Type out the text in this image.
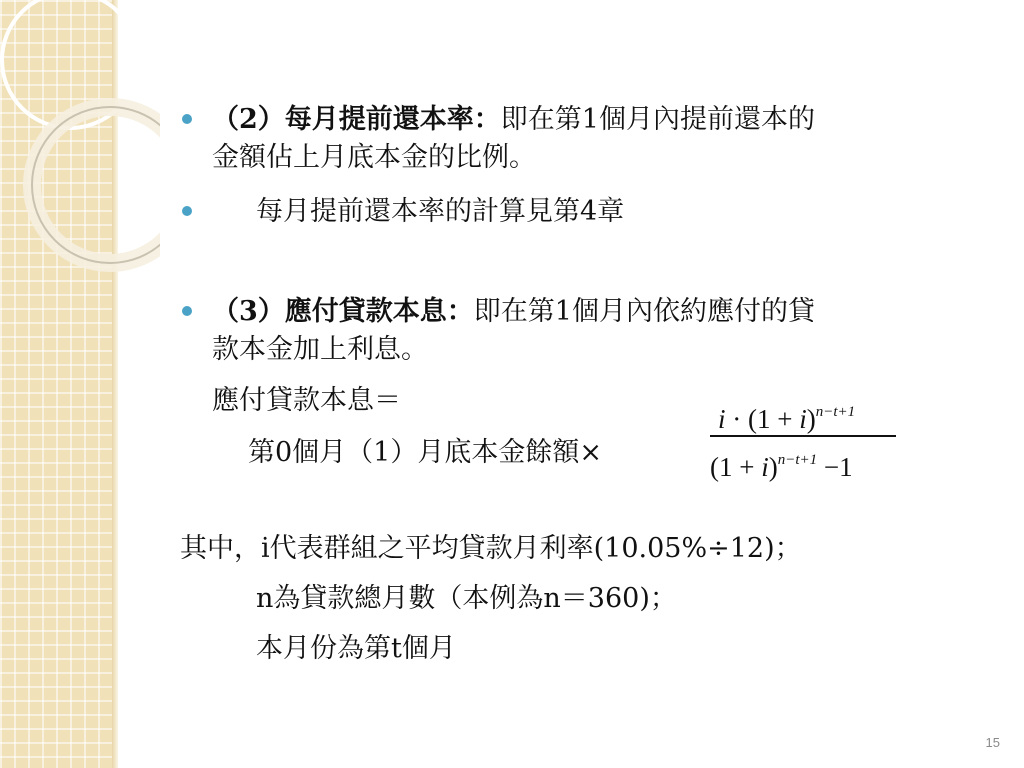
（2）每月提前還本率：即在第1個月內提前還本的
金額佔上月底本金的比例。
每月提前還本率的計算見第4章
（3）應付貸款本息：即在第1個月內依約應付的貸
款本金加上利息。
應付貸款本息＝
第0個月（1）月底本金餘額×
$i \cdot (1 + i)^{n-t+1}$
$(1 + i)^{n-t+1} -1$
其中，i代表群組之平均貸款月利率(10.05%÷12)；
n為貸款總月數（本例為n＝360)；
本月份為第t個月
15
